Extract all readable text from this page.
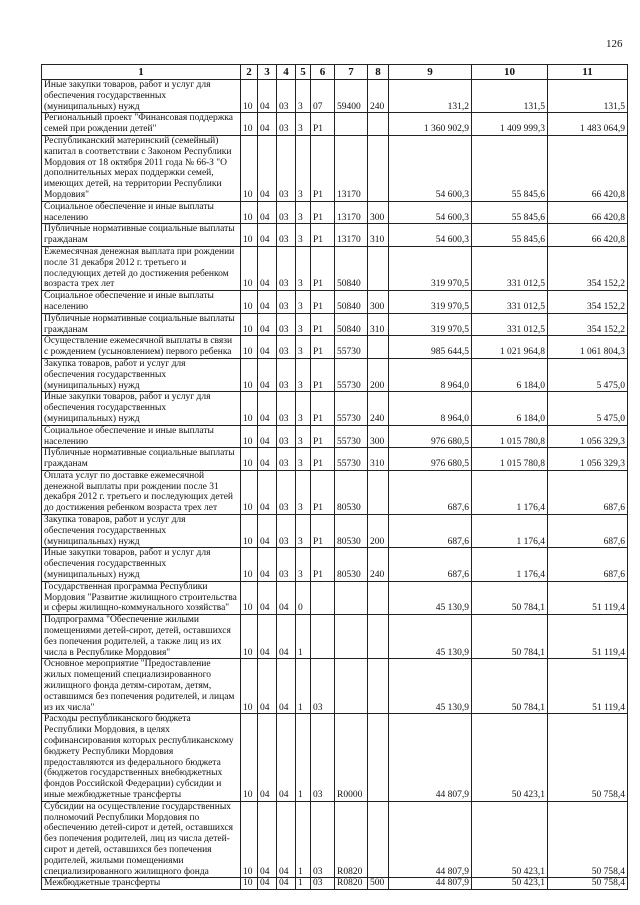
126
1	2	3	4	5	6	7	8	9	10	11
Иные закупки товаров, работ и услуг для обеспечения государственных (муниципальных) нужд	10	04	03	3	07	59400	240	131,2	131,5	131,5
Региональный проект "Финансовая поддержка семей при рождении детей"	10	04	03	3	P1			1 360 902,9	1 409 999,3	1 483 064,9
Республиканский материнский (семейный) капитал в соответствии с Законом Республики Мордовия от 18 октября 2011 года № 66-З "О дополнительных мерах поддержки семей, имеющих детей, на территории Республики Мордовия"	10	04	03	3	P1	13170		54 600,3	55 845,6	66 420,8
Социальное обеспечение и иные выплаты населению	10	04	03	3	P1	13170	300	54 600,3	55 845,6	66 420,8
Публичные нормативные социальные выплаты гражданам	10	04	03	3	P1	13170	310	54 600,3	55 845,6	66 420,8
Ежемесячная денежная выплата при рождении после 31 декабря 2012 г. третьего и последующих детей до достижения ребенком возраста трех лет	10	04	03	3	P1	50840		319 970,5	331 012,5	354 152,2
Социальное обеспечение и иные выплаты населению	10	04	03	3	P1	50840	300	319 970,5	331 012,5	354 152,2
Публичные нормативные социальные выплаты гражданам	10	04	03	3	P1	50840	310	319 970,5	331 012,5	354 152,2
Осуществление ежемесячной выплаты в связи с рождением (усыновлением) первого ребенка	10	04	03	3	P1	55730		985 644,5	1 021 964,8	1 061 804,3
Закупка товаров, работ и услуг для обеспечения государственных (муниципальных) нужд	10	04	03	3	P1	55730	200	8 964,0	6 184,0	5 475,0
Иные закупки товаров, работ и услуг для обеспечения государственных (муниципальных) нужд	10	04	03	3	P1	55730	240	8 964,0	6 184,0	5 475,0
Социальное обеспечение и иные выплаты населению	10	04	03	3	P1	55730	300	976 680,5	1 015 780,8	1 056 329,3
Публичные нормативные социальные выплаты гражданам	10	04	03	3	P1	55730	310	976 680,5	1 015 780,8	1 056 329,3
Оплата услуг по доставке ежемесячной денежной выплаты при рождении после 31 декабря 2012 г. третьего и последующих детей до достижения ребенком возраста трех лет	10	04	03	3	P1	80530		687,6	1 176,4	687,6
Закупка товаров, работ и услуг для обеспечения государственных (муниципальных) нужд	10	04	03	3	P1	80530	200	687,6	1 176,4	687,6
Иные закупки товаров, работ и услуг для обеспечения государственных (муниципальных) нужд	10	04	03	3	P1	80530	240	687,6	1 176,4	687,6
Государственная программа Республики Мордовия "Развитие жилищного строительства и сферы жилищно-коммунального хозяйства"	10	04	04	0				45 130,9	50 784,1	51 119,4
Подпрограмма "Обеспечение жилыми помещениями детей-сирот, детей, оставшихся без попечения родителей, а также лиц из их числа в Республике Мордовия"	10	04	04	1				45 130,9	50 784,1	51 119,4
Основное мероприятие "Предоставление жилых помещений специализированного жилищного фонда детям-сиротам, детям, оставшимся без попечения родителей, и лицам из их числа"	10	04	04	1	03			45 130,9	50 784,1	51 119,4
Расходы республиканского бюджета Республики Мордовия, в целях софинансирования которых республиканскому бюджету Республики Мордовия предоставляются из федерального бюджета (бюджетов государственных внебюджетных фондов Российской Федерации) субсидии и иные межбюджетные трансферты	10	04	04	1	03	R0000		44 807,9	50 423,1	50 758,4
Субсидии на осуществление государственных полномочий Республики Мордовия по обеспечению детей-сирот и детей, оставшихся без попечения родителей, лиц из числа детей-сирот и детей, оставшихся без попечения родителей, жилыми помещениями специализированного жилищного фонда	10	04	04	1	03	R0820		44 807,9	50 423,1	50 758,4
Межбюджетные трансферты	10	04	04	1	03	R0820	500	44 807,9	50 423,1	50 758,4
